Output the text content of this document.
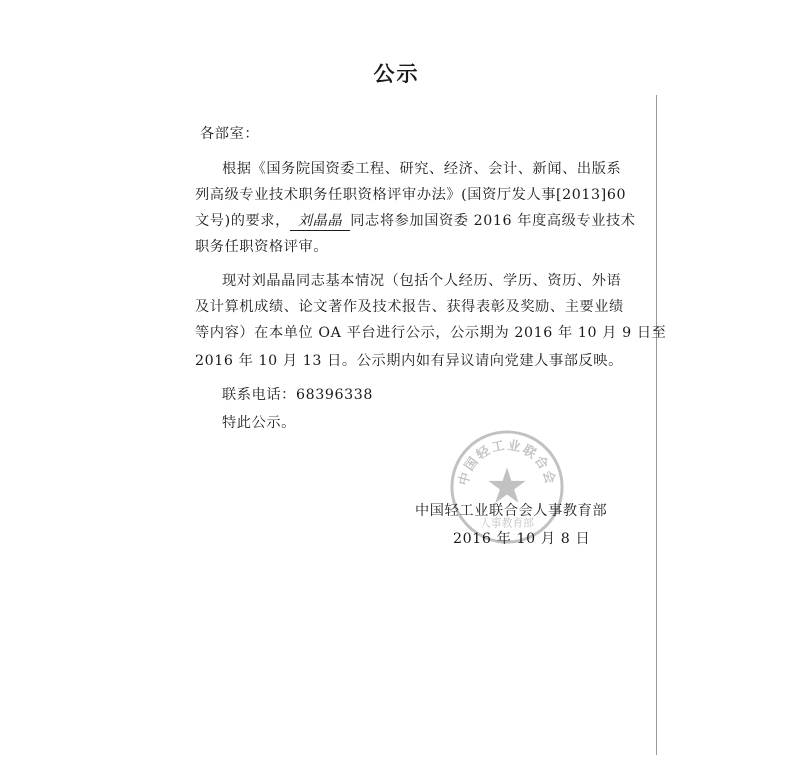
公示
各部室：
根据《国务院国资委工程、研究、经济、会计、新闻、出版系
列高级专业技术职务任职资格评审办法》(国资厅发人事[2013]60
文号)的要求， 刘晶晶 同志将参加国资委 2016 年度高级专业技术
职务任职资格评审。
现对刘晶晶同志基本情况（包括个人经历、学历、资历、外语
及计算机成绩、论文著作及技术报告、获得表彰及奖励、主要业绩
等内容）在本单位 OA 平台进行公示，公示期为 2016 年 10 月 9 日至
2016 年 10 月 13 日。公示期内如有异议请向党建人事部反映。
联系电话：68396338
特此公示。
中国轻工业联合会
人事教育部
中国轻工业联合会人事教育部
2016 年 10 月 8 日
